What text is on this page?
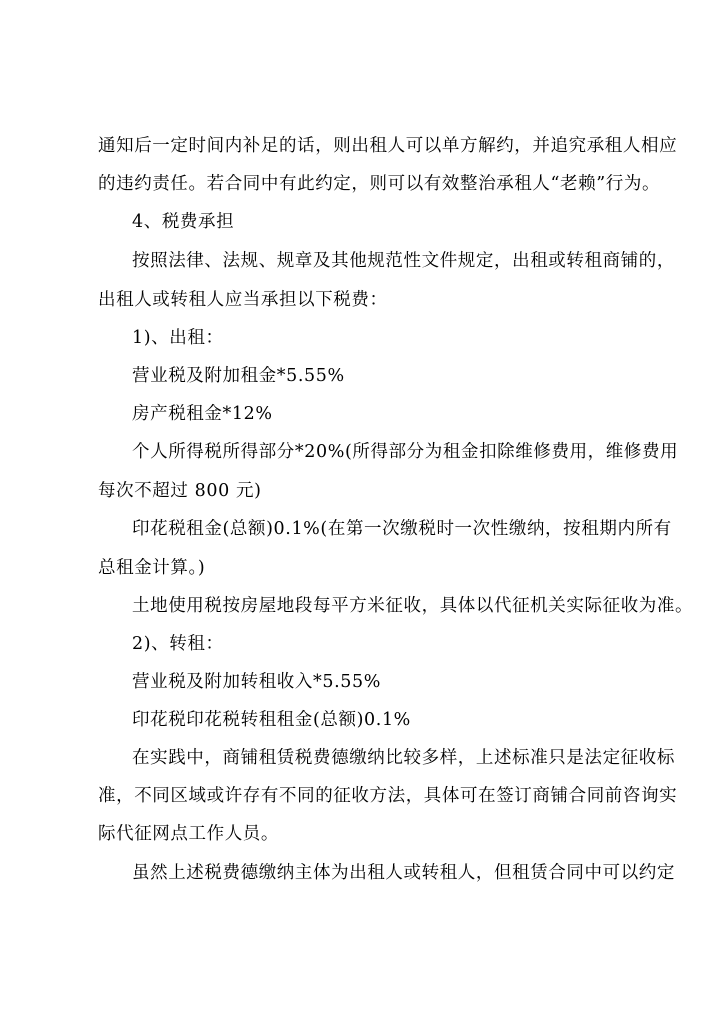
通知后一定时间内补足的话，则出租人可以单方解约，并追究承租人相应
的违约责任。若合同中有此约定，则可以有效整治承租人“老赖”行为。
4、税费承担
按照法律、法规、规章及其他规范性文件规定，出租或转租商铺的，
出租人或转租人应当承担以下税费：
1)、出租：
营业税及附加租金*5.55%
房产税租金*12%
个人所得税所得部分*20%(所得部分为租金扣除维修费用，维修费用
每次不超过 800 元)
印花税租金(总额)0.1%(在第一次缴税时一次性缴纳，按租期内所有
总租金计算。)
土地使用税按房屋地段每平方米征收，具体以代征机关实际征收为准。
2)、转租：
营业税及附加转租收入*5.55%
印花税印花税转租租金(总额)0.1%
在实践中，商铺租赁税费德缴纳比较多样，上述标准只是法定征收标
准，不同区域或许存有不同的征收方法，具体可在签订商铺合同前咨询实
际代征网点工作人员。
虽然上述税费德缴纳主体为出租人或转租人，但租赁合同中可以约定
